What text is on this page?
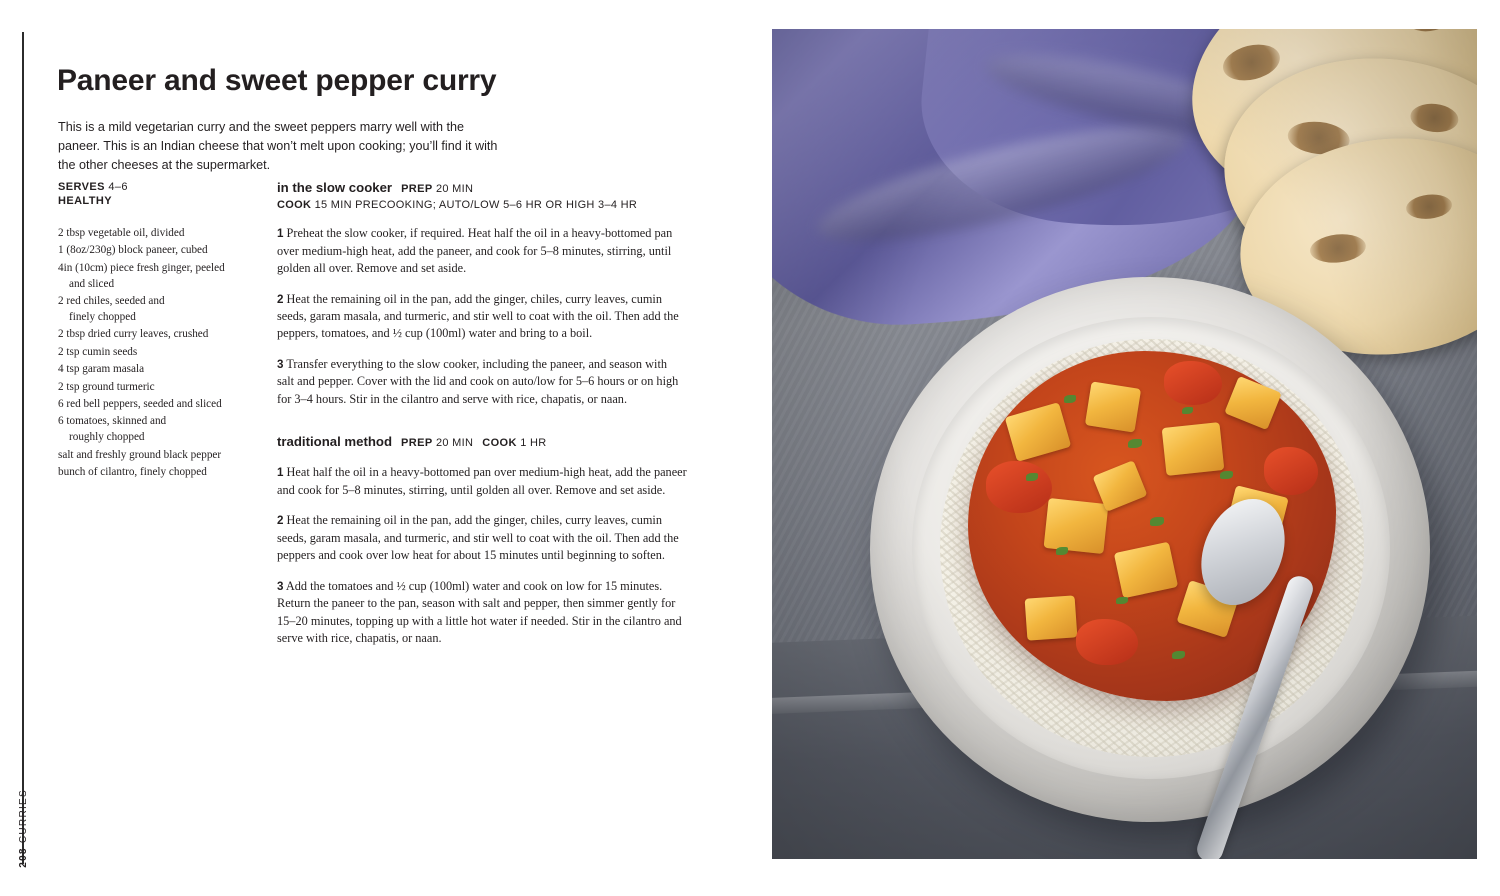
Paneer and sweet pepper curry

This is a mild vegetarian curry and the sweet peppers marry well with the paneer. This is an Indian cheese that won’t melt upon cooking; you’ll find it with the other cheeses at the supermarket.

SERVES 4–6
HEALTHY
2 tbsp vegetable oil, divided
1 (8oz/230g) block paneer, cubed
4in (10cm) piece fresh ginger, peeled
and sliced
2 red chiles, seeded and
finely chopped
2 tbsp dried curry leaves, crushed
2 tsp cumin seeds
4 tsp garam masala
2 tsp ground turmeric
6 red bell peppers, seeded and sliced
6 tomatoes, skinned and
roughly chopped
salt and freshly ground black pepper
bunch of cilantro, finely chopped
in the slow cooker PREP 20 MIN
COOK 15 MIN PRECOOKING; AUTO/LOW 5–6 HR OR HIGH 3–4 HR

1 Preheat the slow cooker, if required. Heat half the oil in a heavy-bottomed pan over medium-high heat, add the paneer, and cook for 5–8 minutes, stirring, until golden all over. Remove and set aside.

2 Heat the remaining oil in the pan, add the ginger, chiles, curry leaves, cumin seeds, garam masala, and turmeric, and stir well to coat with the oil. Then add the peppers, tomatoes, and ½ cup (100ml) water and bring to a boil.

3 Transfer everything to the slow cooker, including the paneer, and season with salt and pepper. Cover with the lid and cook on auto/low for 5–6 hours or on high for 3–4 hours. Stir in the cilantro and serve with rice, chapatis, or naan.

traditional method PREP 20 MIN COOK 1 HR

1 Heat half the oil in a heavy-bottomed pan over medium-high heat, add the paneer and cook for 5–8 minutes, stirring, until golden all over. Remove and set aside.

2 Heat the remaining oil in the pan, add the ginger, chiles, curry leaves, cumin seeds, garam masala, and turmeric, and stir well to coat with the oil. Then add the peppers and cook over low heat for about 15 minutes until beginning to soften.

3 Add the tomatoes and ½ cup (100ml) water and cook on low for 15 minutes. Return the paneer to the pan, season with salt and pepper, then simmer gently for 15–20 minutes, topping up with a little hot water if needed. Stir in the cilantro and serve with rice, chapatis, or naan.

208 CURRIES
